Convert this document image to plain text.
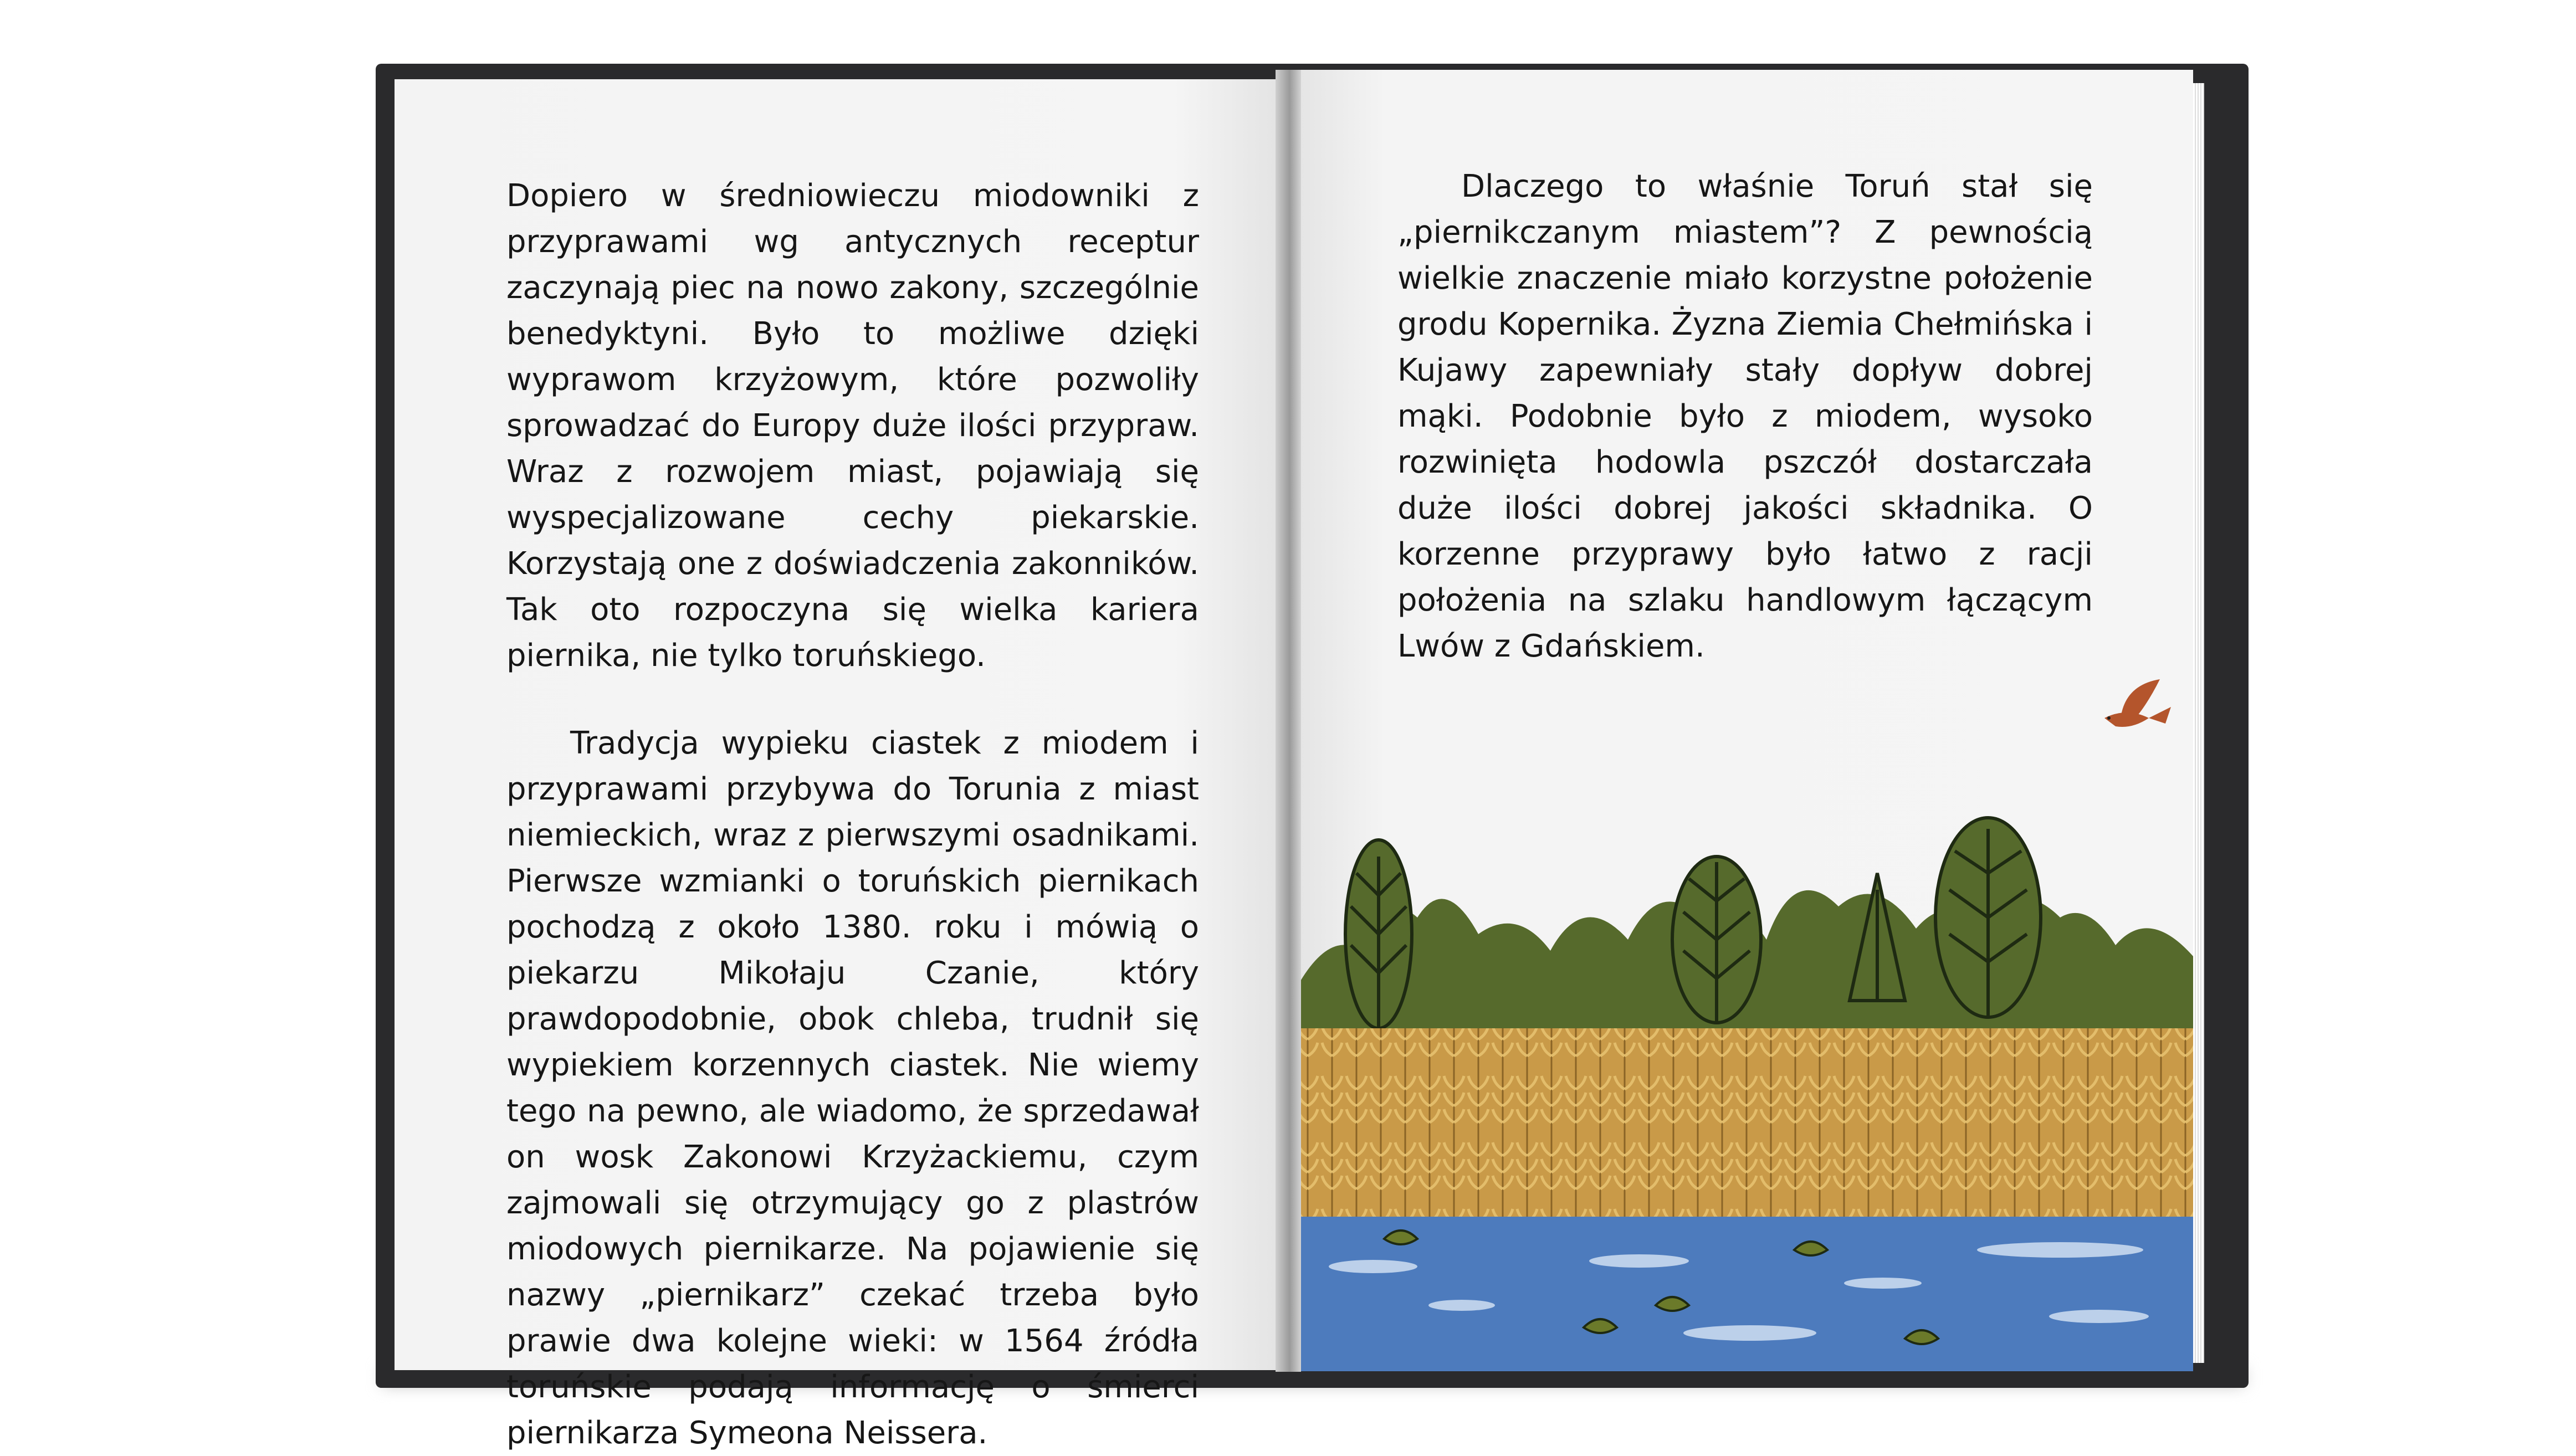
Dopiero w średniowieczu miodowniki z przyprawami wg antycznych receptur zaczynają piec na nowo zakony, szczególnie benedyktyni. Było to możliwe dzięki wyprawom krzyżowym, które pozwoliły sprowadzać do Europy duże ilości przypraw. Wraz z rozwojem miast, pojawiają się wyspecjalizowane cechy piekarskie. Korzystają one z doświadczenia zakonników. Tak oto rozpoczyna się wielka kariera piernika, nie tylko toruńskiego.

Tradycja wypieku ciastek z miodem i przyprawami przybywa do Torunia z miast niemieckich, wraz z pierwszymi osadnikami. Pierwsze wzmianki o toruńskich piernikach pochodzą z około 1380. roku i mówią o piekarzu Mikołaju Czanie, który prawdopodobnie, obok chleba, trudnił się wypiekiem korzennych ciastek. Nie wiemy tego na pewno, ale wiadomo, że sprzedawał on wosk Zakonowi Krzyżackiemu, czym zajmowali się otrzymujący go z plastrów miodowych piernikarze. Na pojawienie się nazwy „piernikarz” czekać trzeba było prawie dwa kolejne wieki: w 1564 źródła toruńskie podają informację o śmierci piernikarza Symeona Neissera.

Dlaczego to właśnie Toruń stał się „piernikczanym miastem”? Z pewnością wielkie znaczenie miało korzystne położenie grodu Kopernika. Żyzna Ziemia Chełmińska i Kujawy zapewniały stały dopływ dobrej mąki. Podobnie było z miodem, wysoko rozwinięta hodowla pszczół dostarczała duże ilości dobrej jakości składnika. O korzenne przyprawy było łatwo z racji położenia na szlaku handlowym łączącym Lwów z Gdańskiem.
